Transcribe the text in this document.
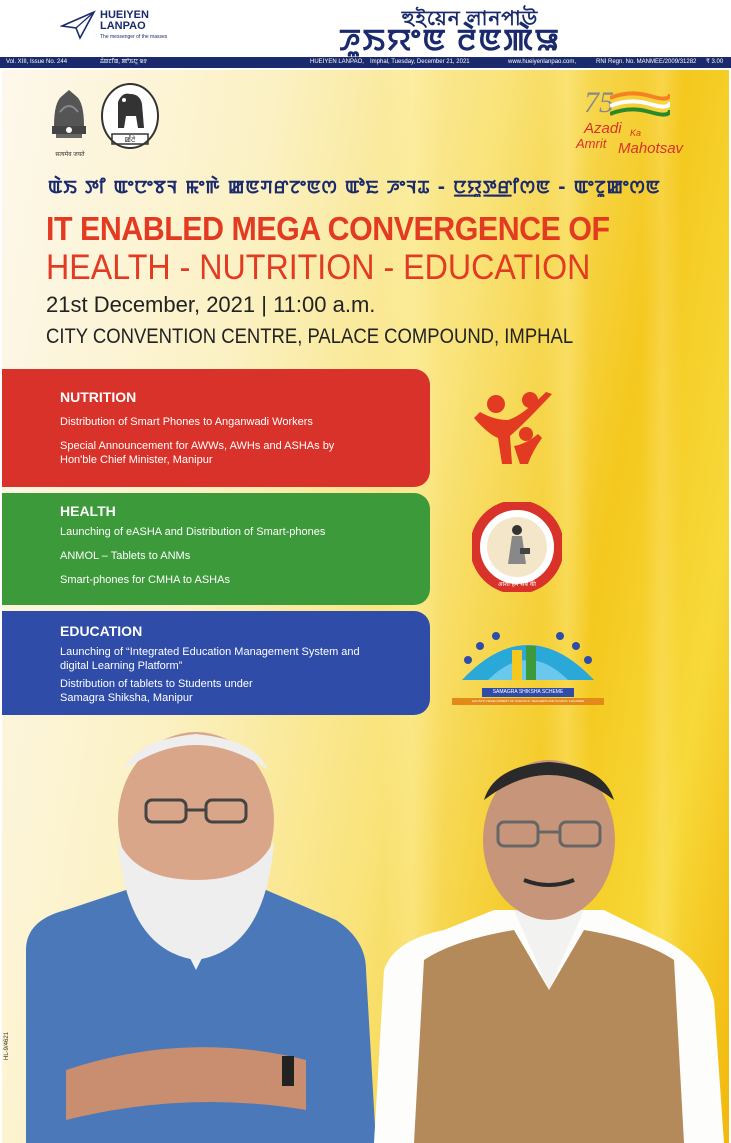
HUEIYEN LANPAO
The messenger of the masses
হুইয়েন লানপাউ
ꯍꯨꯏꯌꯦꯟ ꯂꯥꯟꯄꯥꯎ
Vol. XIII, Issue No. 244	ꯊꯥꯡꯖꯤꯡ, ꯄꯣꯢꯅꯨ ꯲꯱	HUEIYEN LANPAO, Imphal, Tuesday, December 21, 2021	www.hueiyenlanpao.com,	RNI Regn. No. MANMEE/2009/31282 ₹ 3.00
सत्यमेव जयते
ꯀꯪꯂꯥ
75
Azadi Ka
Amrit Mahotsav
ꯑꯥꯏ ꯇꯤ ꯑꯦꯅꯦꯕꯜ ꯃꯦꯒꯥ ꯀꯟꯚꯔꯖꯦꯟꯁ ꯑꯣꯐ ꯍꯦꯜꯊ - ꯅ꯭ꯌꯨꯇ꯭ꯔꯤꯁꯟ - ꯑꯦꯖꯨꯀꯦꯁꯟ
IT ENABLED MEGA CONVERGENCE OF
HEALTH - NUTRITION - EDUCATION
21st December, 2021 | 11:00 a.m.
CITY CONVENTION CENTRE, PALACE COMPOUND, IMPHAL
NUTRITION
Distribution of Smart Phones to Anganwadi Workers
Special Announcement for AWWs, AWHs and ASHAs by Hon'ble Chief Minister, Manipur
HEALTH
Launching of eASHA and Distribution of Smart-phones
ANMOL – Tablets to ANMs
Smart-phones for CMHA to ASHAs	आशा हम सब की
EDUCATION
Launching of “Integrated Education Management System and digital Learning Platform”
Distribution of tablets to Students under Samagra Shiksha, Manipur	SAMAGRA SHIKSHA SCHEME
HOLISTIC DEVELOPMENT OF SCHOOLS, TEACHERS AND SCHOOL CHILDREN
HL-9/4621
